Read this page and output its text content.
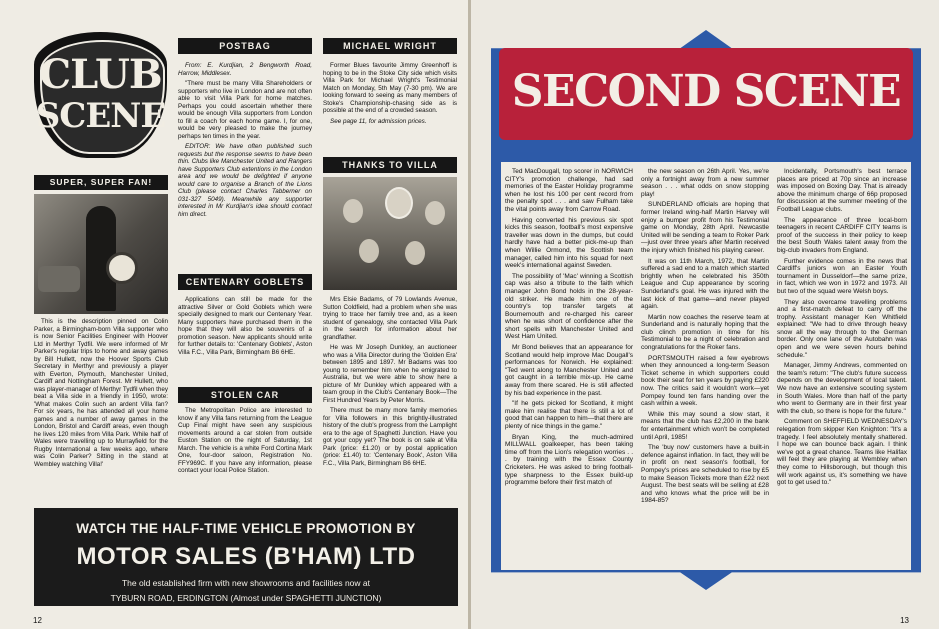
CLUB
SCENE
SUPER, SUPER FAN!
This is the description pinned on Colin Parker, a Birmingham-born Villa supporter who is now Senior Facilities Engineer with Hoover Ltd in Merthyr Tydfil. We were informed of Mr Parker's regular trips to home and away games by Bill Hullett, now the Hoover Sports Club Secretary in Merthyr and previously a player with Everton, Plymouth, Manchester United, Cardiff and Nottingham Forest. Mr Hullett, who was player-manager of Merthyr Tydfil when they beat a Villa side in a friendly in 1950, wrote: 'What makes Colin such an ardent Villa fan? For six years, he has attended all your home games and a number of away games in the London, Bristol and Cardiff areas, even though he lives 120 miles from Villa Park. While half of Wales were travelling up to Murrayfield for the Rugby International a few weeks ago, where was Colin Parker? Sitting in the stand at Wembley watching Villa!'
POSTBAG

From: E. Kurdjian, 2 Bengworth Road, Harrow, Middlesex.

"There must be many Villa Shareholders or supporters who live in London and are not often able to visit Villa Park for home matches. Perhaps you could ascertain whether there would be enough Villa supporters from London to fill a coach for each home game. I, for one, would be very pleased to make the journey perhaps ten times in the year.

EDITOR: We have often published such requests but the response seems to have been thin. Clubs like Manchester United and Rangers have Supporters Club extentions in the London area and we would be delighted if anyone would care to organise a Branch of the Lions Club (please contact Charles Tabberner on 031-327 5049). Meanwhile any supporter interested in Mr Kurdjian's idea should contact him direct.

CENTENARY GOBLETS
Applications can still be made for the attractive Silver or Gold Goblets which were specially designed to mark our Centenary Year. Many supporters have purchased them in the hope that they will also be souvenirs of a promotion season. New applicants should write for further details to: 'Centenary Goblets', Aston Villa F.C., Villa Park, Birmingham B6 6HE.
STOLEN CAR
The Metropolitan Police are interested to know if any Villa fans returning from the League Cup Final might have seen any suspicious movements around a car stolen from outside Euston Station on the night of Saturday, 1st March. The vehicle is a white Ford Cortina Mark One, four-door saloon, Registration No. FFY969C. If you have any information, please contact your local Police Station.
MICHAEL WRIGHT

Former Blues favourite Jimmy Greenhoff is hoping to be in the Stoke City side which visits Villa Park for Michael Wright's Testimonial Match on Monday, 5th May (7-30 pm). We are looking forward to seeing as many members of Stoke's Championship-chasing side as is possible at the end of a crowded season.

See page 11, for admission prices.

THANKS TO VILLA

Mrs Elsie Badams, of 79 Lowlands Avenue, Sutton Coldfield, had a problem when she was trying to trace her family tree and, as a keen student of genealogy, she contacted Villa Park in the search for information about her grandfather.

He was Mr Joseph Dunkley, an auctioneer who was a Villa Director during the 'Golden Era' between 1895 and 1897. Mr Badams was too young to remember him when he emigrated to Australia, but we were able to show here a picture of Mr Dunkley which appeared with a team group in the Club's Centenary Book—The First Hundred Years by Peter Morris.

There must be many more family memories for Villa followers in this brightly-illustrated history of the club's progress from the Lamplight era to the age of Spaghetti Junction. Have you got your copy yet? The book is on sale at Villa Park (price: £1.20) or by postal application (price: £1.40) to: 'Centenary Book', Aston Villa F.C., Villa Park, Birmingham B6 6HE.

WATCH THE HALF-TIME VEHICLE PROMOTION BY
MOTOR SALES (B'HAM) LTD
The old established firm with new showrooms and facilities now at
TYBURN ROAD, ERDINGTON (Almost under SPAGHETTI JUNCTION)
12
SECOND SCENE

Ted MacDougall, top scorer in NORWICH CITY's promotion challenge, had sad memories of the Easter Holiday programme when he lost his 100 per cent record from the penalty spot . . . and saw Fulham take the vital points away from Carrow Road.

Having converted his previous six spot kicks this season, football's most expensive traveller was down in the dumps, but could hardly have had a better pick-me-up than when Willie Ormond, the Scottish team manager, called him into his squad for next week's international against Sweden.

The possibility of 'Mac' winning a Scottish cap was also a tribute to the faith which manager John Bond holds in the 28-year-old striker. He made him one of the country's top transfer targets at Bournemouth and re-charged his career when he was short of confidence after the short spells with Manchester United and West Ham United.

Mr Bond believes that an appearance for Scotland would help improve Mac Dougall's performances for Norwich. He explained: "Ted went along to Manchester United and got caught in a terrible mix-up. He came away from there scared. He is still affected by his bad experience in the past.

"If he gets picked for Scotland, it might make him realise that there is still a lot of good that can happen to him—that there are plenty of nice things in the game."

Bryan King, the much-admired MILLWALL goalkeeper, has been taking time off from the Lion's relegation worries . . . by training with the Essex County Cricketers. He was asked to bring football-type sharpness to the Essex build-up programme before their first match of

the new season on 26th April. Yes, we're only a fortnight away from a new summer season . . . what odds on snow stopping play!

SUNDERLAND officials are hoping that former Ireland wing-half Martin Harvey will enjoy a bumper profit from his Testimonial game on Monday, 28th April. Newcastle United will be sending a team to Roker Park—just over three years after Martin received the injury which finished his playing career.

It was on 11th March, 1972, that Martin suffered a sad end to a match which started brightly when he celebrated his 350th League and Cup appearance by scoring Sunderland's goal. He was injured with the last kick of that game—and never played again.

Martin now coaches the reserve team at Sunderland and is naturally hoping that the club clinch promotion in time for his Testimonial to be a night of celebration and congratulations for the Roker fans.

PORTSMOUTH raised a few eyebrows when they announced a long-term Season Ticket scheme in which supporters could book their seat for ten years by paying £220 now. The critics said it wouldn't work—yet Pompey found ten fans handing over the cash within a week.

While this may sound a slow start, it means that the club has £2,200 in the bank for entertainment which won't be completed until April, 1985!

The 'buy now' customers have a built-in defence against inflation. In fact, they will be in profit on next season's football, for Pompey's prices are scheduled to rise by £5 to make Season Tickets more than £22 next August. The best seats will be selling at £28 and who knows what the price will be in 1984-85?

Incidentally, Portsmouth's best terrace places are priced at 70p since an increase was imposed on Boxing Day. That is already above the minimum charge of 66p proposed for discussion at the summer meeting of the Football League clubs.

The appearance of three local-born teenagers in recent CARDIFF CITY teams is proof of the success in their policy to keep the best South Wales talent away from the big-club invaders from England.

Further evidence comes in the news that Cardiff's juniors won an Easter Youth tournament in Dusseldorf—the same prize, in fact, which we won in 1972 and 1973. All but two of the squad were Welsh boys.

They also overcame travelling problems and a first-match defeat to carry off the trophy. Assistant manager Ken Whitfield explained: "We had to drive through heavy snow all the way through to the German border. Only one lane of the Autobahn was open and we were seven hours behind schedule."

Manager, Jimmy Andrews, commented on the team's return: "The club's future success depends on the development of local talent. We now have an extensive scouting system in South Wales. More than half of the party who went to Germany are in their first year with the club, so there is hope for the future."

Comment on SHEFFIELD WEDNESDAY's relegation from skipper Ken Knighton: "It's a tragedy. I feel absolutely mentally shattered. I hope we can bounce back again. I think we've got a great chance. Teams like Halifax will feel they are playing at Wembley when they come to Hillsborough, but though this will work against us, it's something we have got to get used to."

13
